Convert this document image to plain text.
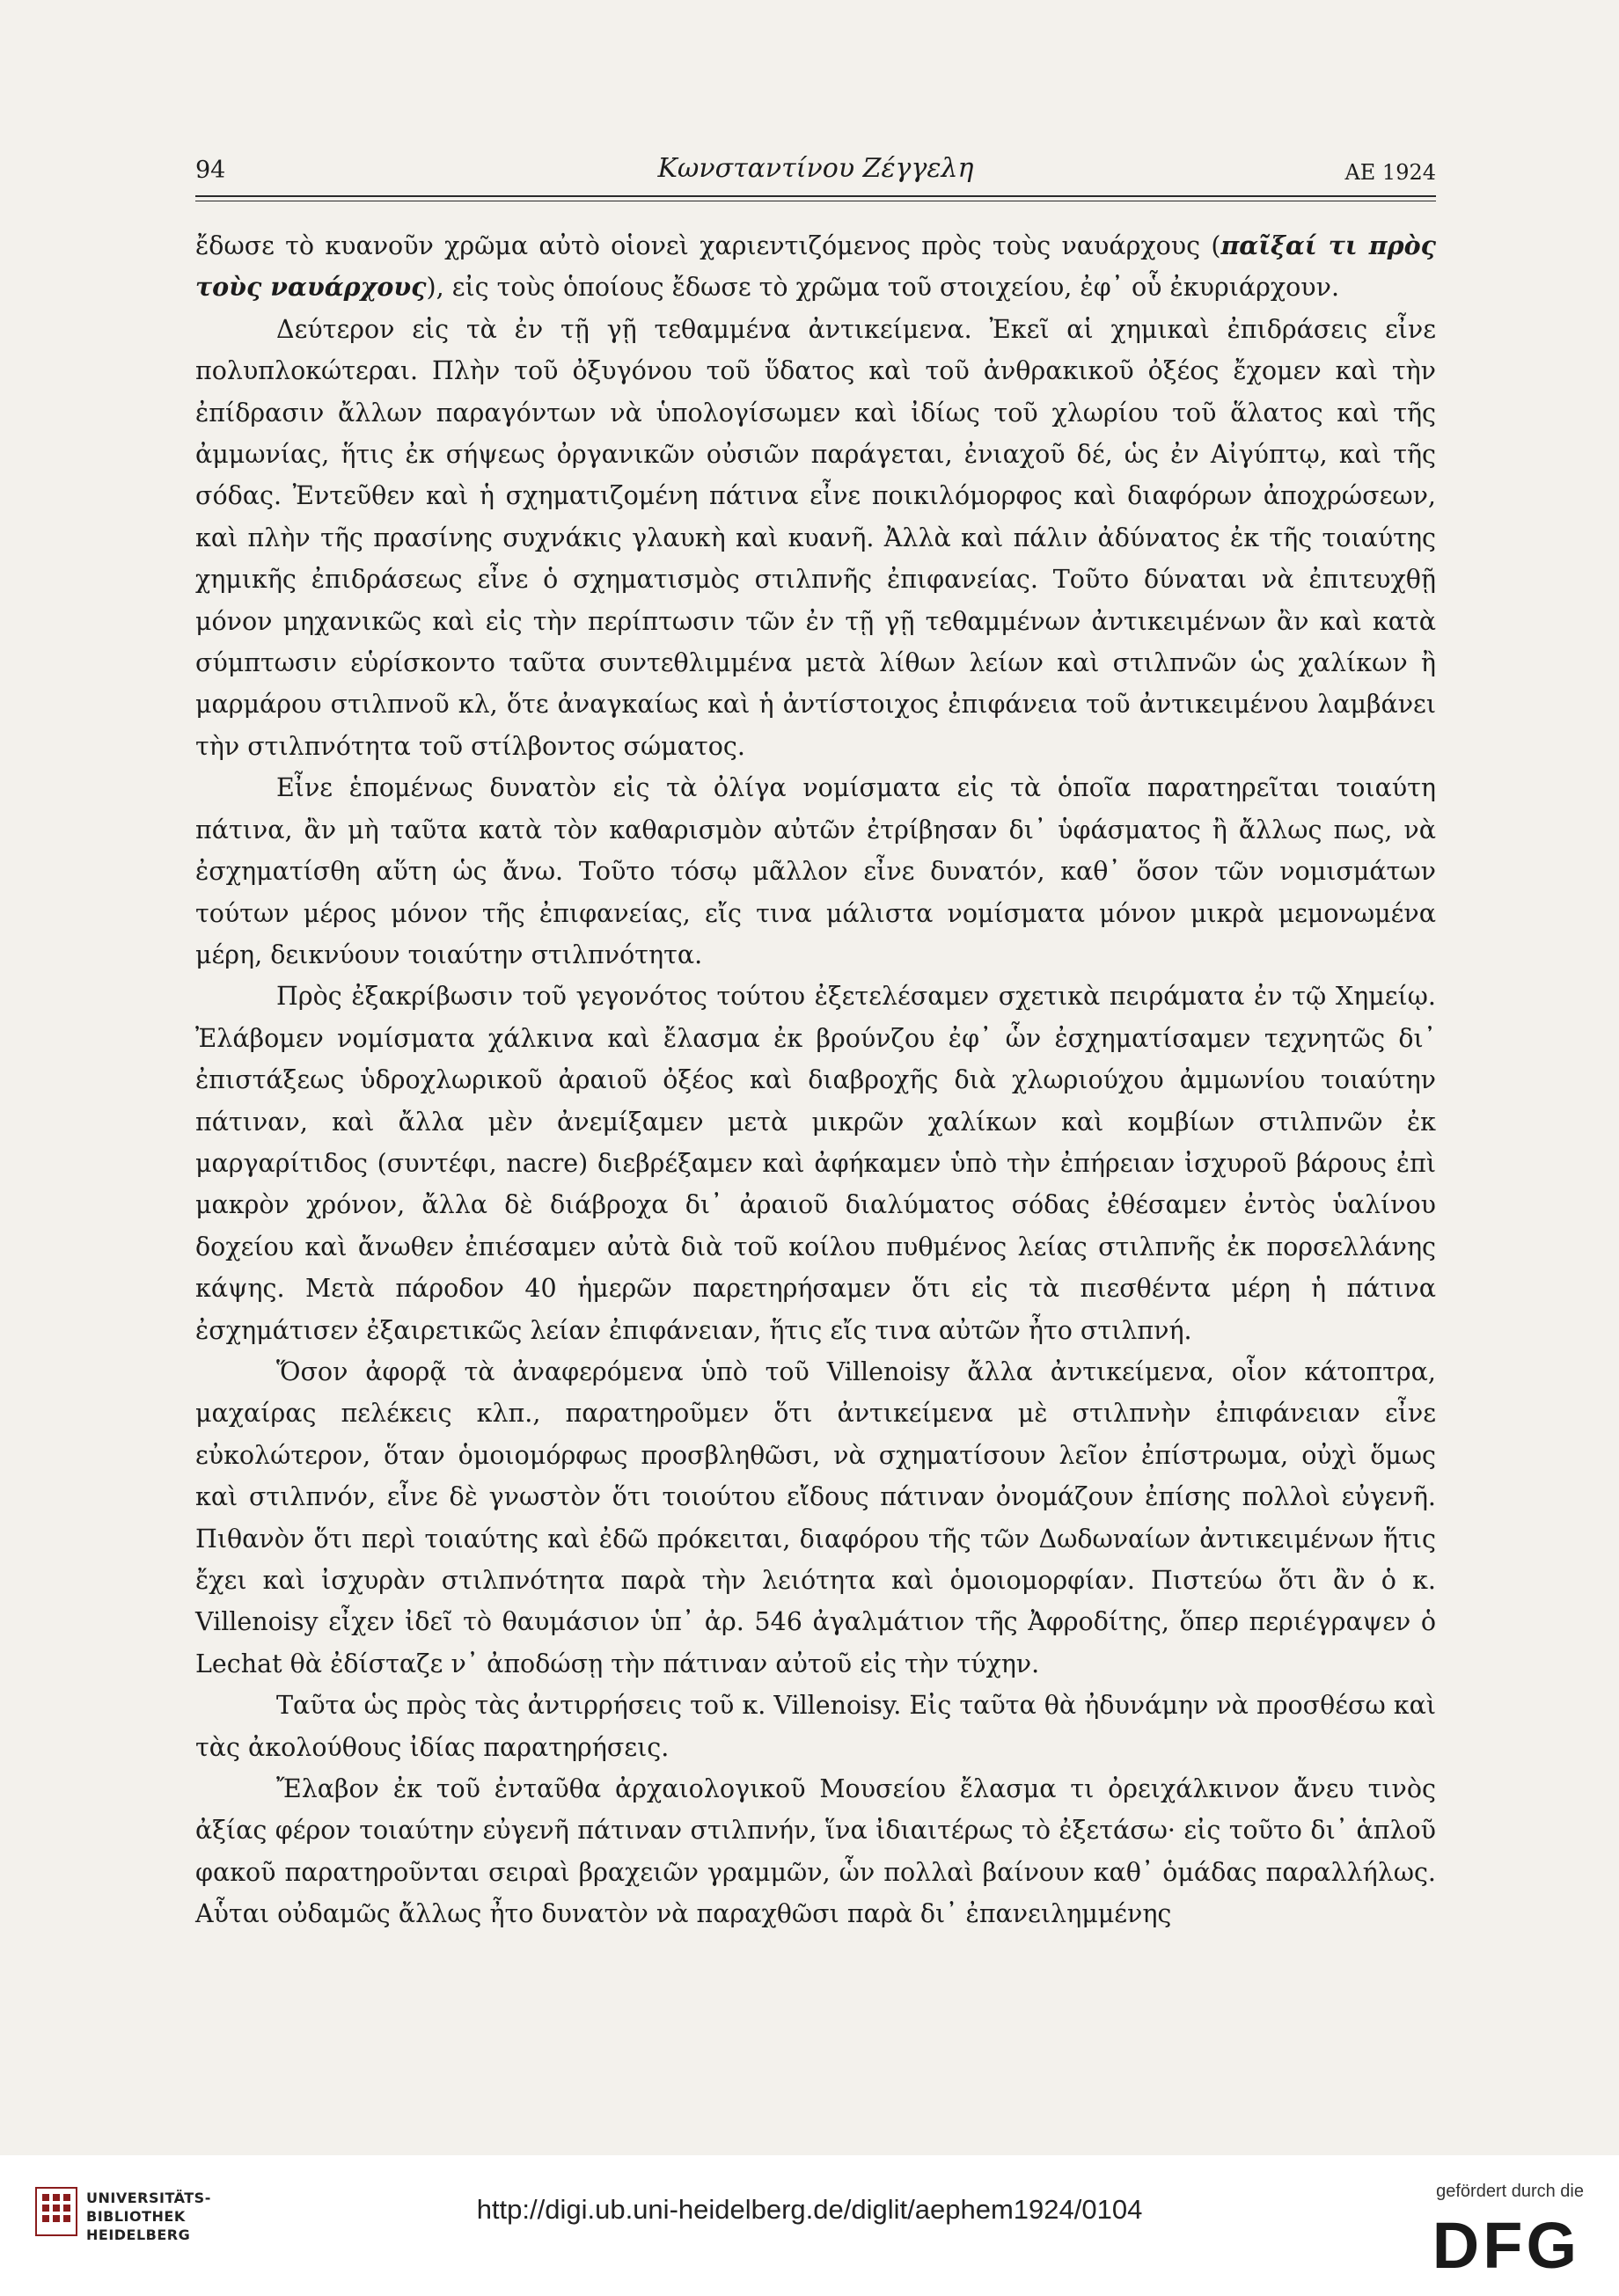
94	Κωνσταντίνου Ζέγγελη	ΑΕ 1924

ἔδωσε τὸ κυανοῦν χρῶμα αὐτὸ οἱονεὶ χαριεντιζόμενος πρὸς τοὺς ναυάρχους (παῖξαί τι πρὸς τοὺς ναυάρχους), εἰς τοὺς ὁποίους ἔδωσε τὸ χρῶμα τοῦ στοιχείου, ἐφ᾽ οὗ ἐκυριάρχουν.

Δεύτερον εἰς τὰ ἐν τῇ γῇ τεθαμμένα ἀντικείμενα. Ἐκεῖ αἱ χημικαὶ ἐπιδράσεις εἶνε πολυπλοκώτεραι. Πλὴν τοῦ ὀξυγόνου τοῦ ὕδατος καὶ τοῦ ἀνθρακικοῦ ὀξέος ἔχομεν καὶ τὴν ἐπίδρασιν ἄλλων παραγόντων νὰ ὑπολογίσωμεν καὶ ἰδίως τοῦ χλωρίου τοῦ ἅλατος καὶ τῆς ἀμμωνίας, ἥτις ἐκ σήψεως ὀργανικῶν οὐσιῶν παράγεται, ἐνιαχοῦ δέ, ὡς ἐν Αἰγύπτῳ, καὶ τῆς σόδας. Ἐντεῦθεν καὶ ἡ σχηματιζομένη πάτινα εἶνε ποικιλόμορφος καὶ διαφόρων ἀποχρώσεων, καὶ πλὴν τῆς πρασίνης συχνάκις γλαυκὴ καὶ κυανῆ. Ἀλλὰ καὶ πάλιν ἀδύνατος ἐκ τῆς τοιαύτης χημικῆς ἐπιδράσεως εἶνε ὁ σχηματισμὸς στιλπνῆς ἐπιφανείας. Τοῦτο δύναται νὰ ἐπιτευχθῇ μόνον μηχανικῶς καὶ εἰς τὴν περίπτωσιν τῶν ἐν τῇ γῇ τεθαμμένων ἀντικειμένων ἂν καὶ κατὰ σύμπτωσιν εὑρίσκοντο ταῦτα συντεθλιμμένα μετὰ λίθων λείων καὶ στιλπνῶν ὡς χαλίκων ἢ μαρμάρου στιλπνοῦ κλ, ὅτε ἀναγκαίως καὶ ἡ ἀντίστοιχος ἐπιφάνεια τοῦ ἀντικειμένου λαμβάνει τὴν στιλπνότητα τοῦ στίλβοντος σώματος.

Εἶνε ἑπομένως δυνατὸν εἰς τὰ ὀλίγα νομίσματα εἰς τὰ ὁποῖα παρατηρεῖται τοιαύτη πάτινα, ἂν μὴ ταῦτα κατὰ τὸν καθαρισμὸν αὐτῶν ἐτρίβησαν δι᾽ ὑφάσματος ἢ ἄλλως πως, νὰ ἐσχηματίσθη αὕτη ὡς ἄνω. Τοῦτο τόσῳ μᾶλλον εἶνε δυνατόν, καθ᾽ ὅσον τῶν νομισμάτων τούτων μέρος μόνον τῆς ἐπιφανείας, εἴς τινα μάλιστα νομίσματα μόνον μικρὰ μεμονωμένα μέρη, δεικνύουν τοιαύτην στιλπνότητα.

Πρὸς ἐξακρίβωσιν τοῦ γεγονότος τούτου ἐξετελέσαμεν σχετικὰ πειράματα ἐν τῷ Χημείῳ. Ἐλάβομεν νομίσματα χάλκινα καὶ ἔλασμα ἐκ βρούνζου ἐφ᾽ ὧν ἐσχηματίσαμεν τεχνητῶς δι᾽ ἐπιστάξεως ὑδροχλωρικοῦ ἀραιοῦ ὀξέος καὶ διαβροχῆς διὰ χλωριούχου ἀμμωνίου τοιαύτην πάτιναν, καὶ ἄλλα μὲν ἀνεμίξαμεν μετὰ μικρῶν χαλίκων καὶ κομβίων στιλπνῶν ἐκ μαργαρίτιδος (συντέφι, nacre) διεβρέξαμεν καὶ ἀφήκαμεν ὑπὸ τὴν ἐπήρειαν ἰσχυροῦ βάρους ἐπὶ μακρὸν χρόνον, ἄλλα δὲ διάβροχα δι᾽ ἀραιοῦ διαλύματος σόδας ἐθέσαμεν ἐντὸς ὑαλίνου δοχείου καὶ ἄνωθεν ἐπιέσαμεν αὐτὰ διὰ τοῦ κοίλου πυθμένος λείας στιλπνῆς ἐκ πορσελλάνης κάψης. Μετὰ πάροδον 40 ἡμερῶν παρετηρήσαμεν ὅτι εἰς τὰ πιεσθέντα μέρη ἡ πάτινα ἐσχημάτισεν ἐξαιρετικῶς λείαν ἐπιφάνειαν, ἥτις εἴς τινα αὐτῶν ἦτο στιλπνή.

Ὅσον ἀφορᾷ τὰ ἀναφερόμενα ὑπὸ τοῦ Villenoisy ἄλλα ἀντικείμενα, οἷον κάτοπτρα, μαχαίρας πελέκεις κλπ., παρατηροῦμεν ὅτι ἀντικείμενα μὲ στιλπνὴν ἐπιφάνειαν εἶνε εὐκολώτερον, ὅταν ὁμοιομόρφως προσβληθῶσι, νὰ σχηματίσουν λεῖον ἐπίστρωμα, οὐχὶ ὅμως καὶ στιλπνόν, εἶνε δὲ γνωστὸν ὅτι τοιούτου εἴδους πάτιναν ὀνομάζουν ἐπίσης πολλοὶ εὐγενῆ. Πιθανὸν ὅτι περὶ τοιαύτης καὶ ἐδῶ πρόκειται, διαφόρου τῆς τῶν Δωδωναίων ἀντικειμένων ἥτις ἔχει καὶ ἰσχυρὰν στιλπνότητα παρὰ τὴν λειότητα καὶ ὁμοιομορφίαν. Πιστεύω ὅτι ἂν ὁ κ. Villenoisy εἶχεν ἰδεῖ τὸ θαυμάσιον ὑπ᾽ ἀρ. 546 ἀγαλμάτιον τῆς Ἀφροδίτης, ὅπερ περιέγραψεν ὁ Lechat θὰ ἐδίσταζε ν᾽ ἀποδώσῃ τὴν πάτιναν αὐτοῦ εἰς τὴν τύχην.

Ταῦτα ὡς πρὸς τὰς ἀντιρρήσεις τοῦ κ. Villenoisy. Εἰς ταῦτα θὰ ἠδυνάμην νὰ προσθέσω καὶ τὰς ἀκολούθους ἰδίας παρατηρήσεις.

Ἔλαβον ἐκ τοῦ ἐνταῦθα ἀρχαιολογικοῦ Μουσείου ἔλασμα τι ὀρειχάλκινον ἄνευ τινὸς ἀξίας φέρον τοιαύτην εὐγενῆ πάτιναν στιλπνήν, ἵνα ἰδιαιτέρως τὸ ἐξετάσω· εἰς τοῦτο δι᾽ ἁπλοῦ φακοῦ παρατηροῦνται σειραὶ βραχειῶν γραμμῶν, ὧν πολλαὶ βαίνουν καθ᾽ ὁμάδας παραλλήλως. Αὗται οὐδαμῶς ἄλλως ἦτο δυνατὸν νὰ παραχθῶσι παρὰ δι᾽ ἐπανειλημμένης

UNIVERSITÄTS-
BIBLIOTHEK
HEIDELBERG
http://digi.ub.uni-heidelberg.de/diglit/aephem1924/0104
gefördert durch die
DFG
